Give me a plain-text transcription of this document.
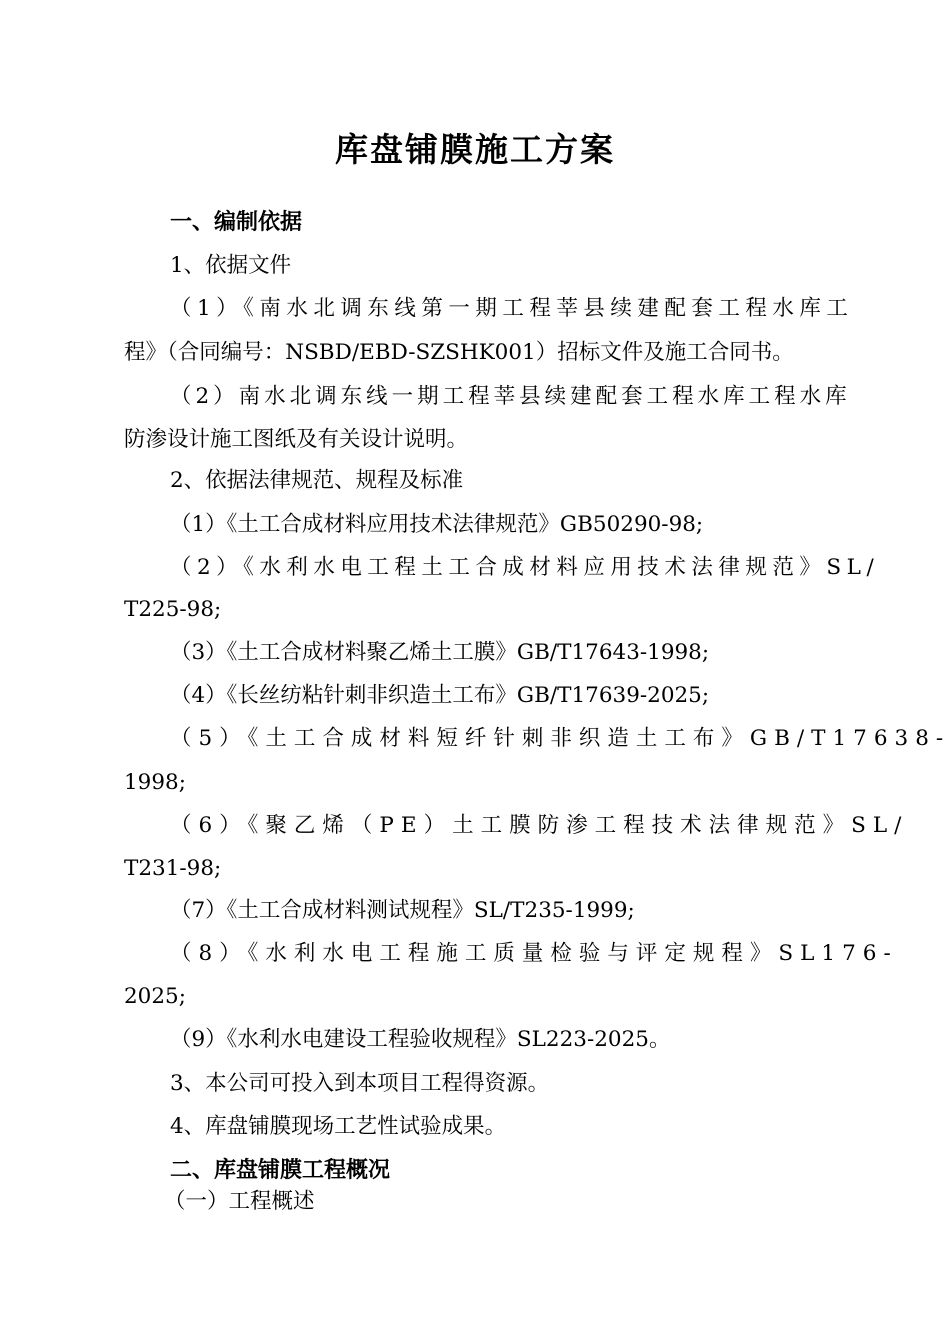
库盘铺膜施工方案

一、编制依据

1、依据文件

（1）《南水北调东线第一期工程莘县续建配套工程水库工

程》（合同编号：NSBD/EBD-SZSHK001）招标文件及施工合同书。

（2）南水北调东线一期工程莘县续建配套工程水库工程水库

防渗设计施工图纸及有关设计说明。

2、依据法律规范、规程及标准

（1）《土工合成材料应用技术法律规范》GB50290-98;

（2）《水利水电工程土工合成材料应用技术法律规范》SL/

T225-98;

（3）《土工合成材料聚乙烯土工膜》GB/T17643-1998;

（4）《长丝纺粘针刺非织造土工布》GB/T17639-2025;

（5）《土工合成材料短纤针刺非织造土工布》GB/T17638-

1998;

（6）《聚乙烯（PE）土工膜防渗工程技术法律规范》SL/

T231-98;

（7）《土工合成材料测试规程》SL/T235-1999;

（8）《水利水电工程施工质量检验与评定规程》SL176-

2025;

（9）《水利水电建设工程验收规程》SL223-2025。

3、本公司可投入到本项目工程得资源。

4、库盘铺膜现场工艺性试验成果。

二、库盘铺膜工程概况

（一）工程概述
